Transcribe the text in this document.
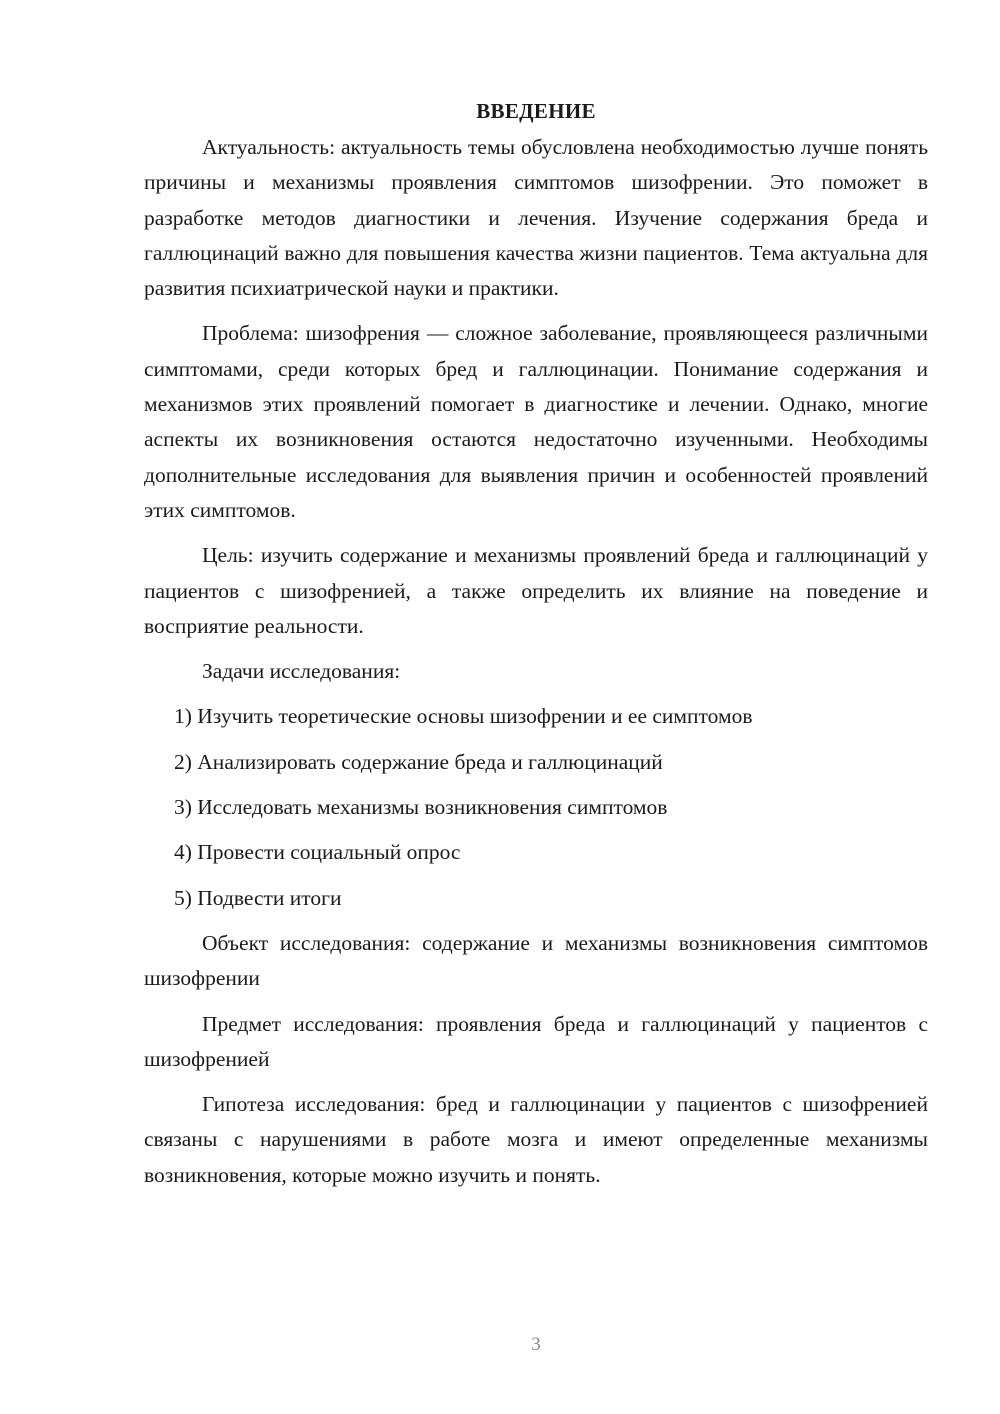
ВВЕДЕНИЕ

Актуальность: актуальность темы обусловлена необходимостью лучше понять причины и механизмы проявления симптомов шизофрении. Это поможет в разработке методов диагностики и лечения. Изучение содержания бреда и галлюцинаций важно для повышения качества жизни пациентов. Тема актуальна для развития психиатрической науки и практики.

Проблема: шизофрения — сложное заболевание, проявляющееся различными симптомами, среди которых бред и галлюцинации. Понимание содержания и механизмов этих проявлений помогает в диагностике и лечении. Однако, многие аспекты их возникновения остаются недостаточно изученными. Необходимы дополнительные исследования для выявления причин и особенностей проявлений этих симптомов.

Цель: изучить содержание и механизмы проявлений бреда и галлюцинаций у пациентов с шизофренией, а также определить их влияние на поведение и восприятие реальности.

Задачи исследования:

1) Изучить теоретические основы шизофрении и ее симптомов
2) Анализировать содержание бреда и галлюцинаций
3) Исследовать механизмы возникновения симптомов
4) Провести социальный опрос
5) Подвести итоги

Объект исследования: содержание и механизмы возникновения симптомов шизофрении

Предмет исследования: проявления бреда и галлюцинаций у пациентов с шизофренией

Гипотеза исследования: бред и галлюцинации у пациентов с шизофренией связаны с нарушениями в работе мозга и имеют определенные механизмы возникновения, которые можно изучить и понять.

3
